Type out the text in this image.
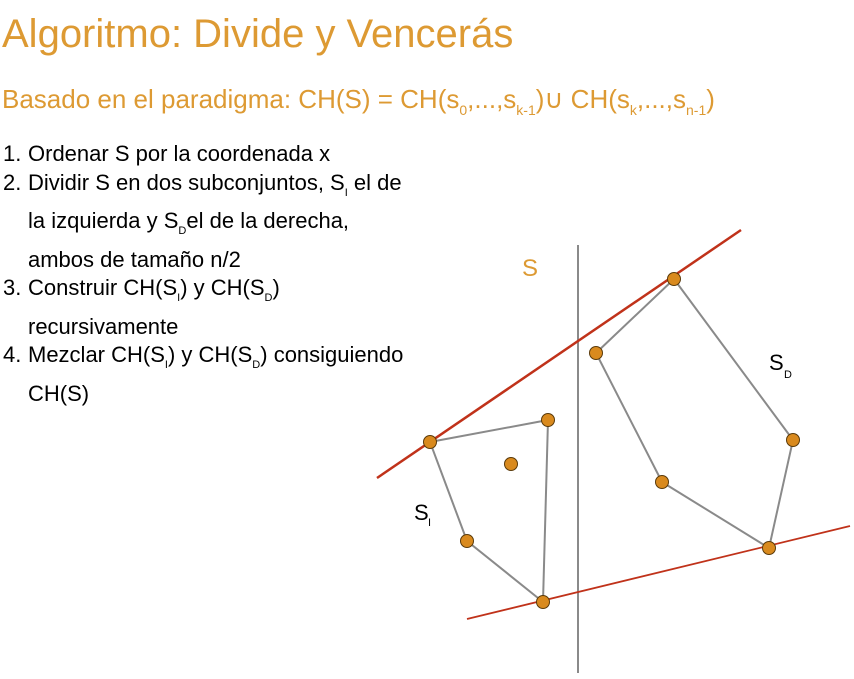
Algoritmo: Divide y Vencerás
Basado en el paradigma: $CH(S) = CH(s_0,...,s_{k-1})\cup$ $CH(s_k,...,s_{n-1})$
1. Ordenar S por la coordenada x
2. Dividir S en dos subconjuntos, $S_I$ el de la izquierda y $S_Del$ de la derecha, ambos de tamaño n/2
3. Construir $CH(S_I)$ y $CH(S_D)$ recursivamente
4. Mezclar $CH(S_I)$ y $CH(S_D)$ consiguiendo CH(S)
S
S I
S D
